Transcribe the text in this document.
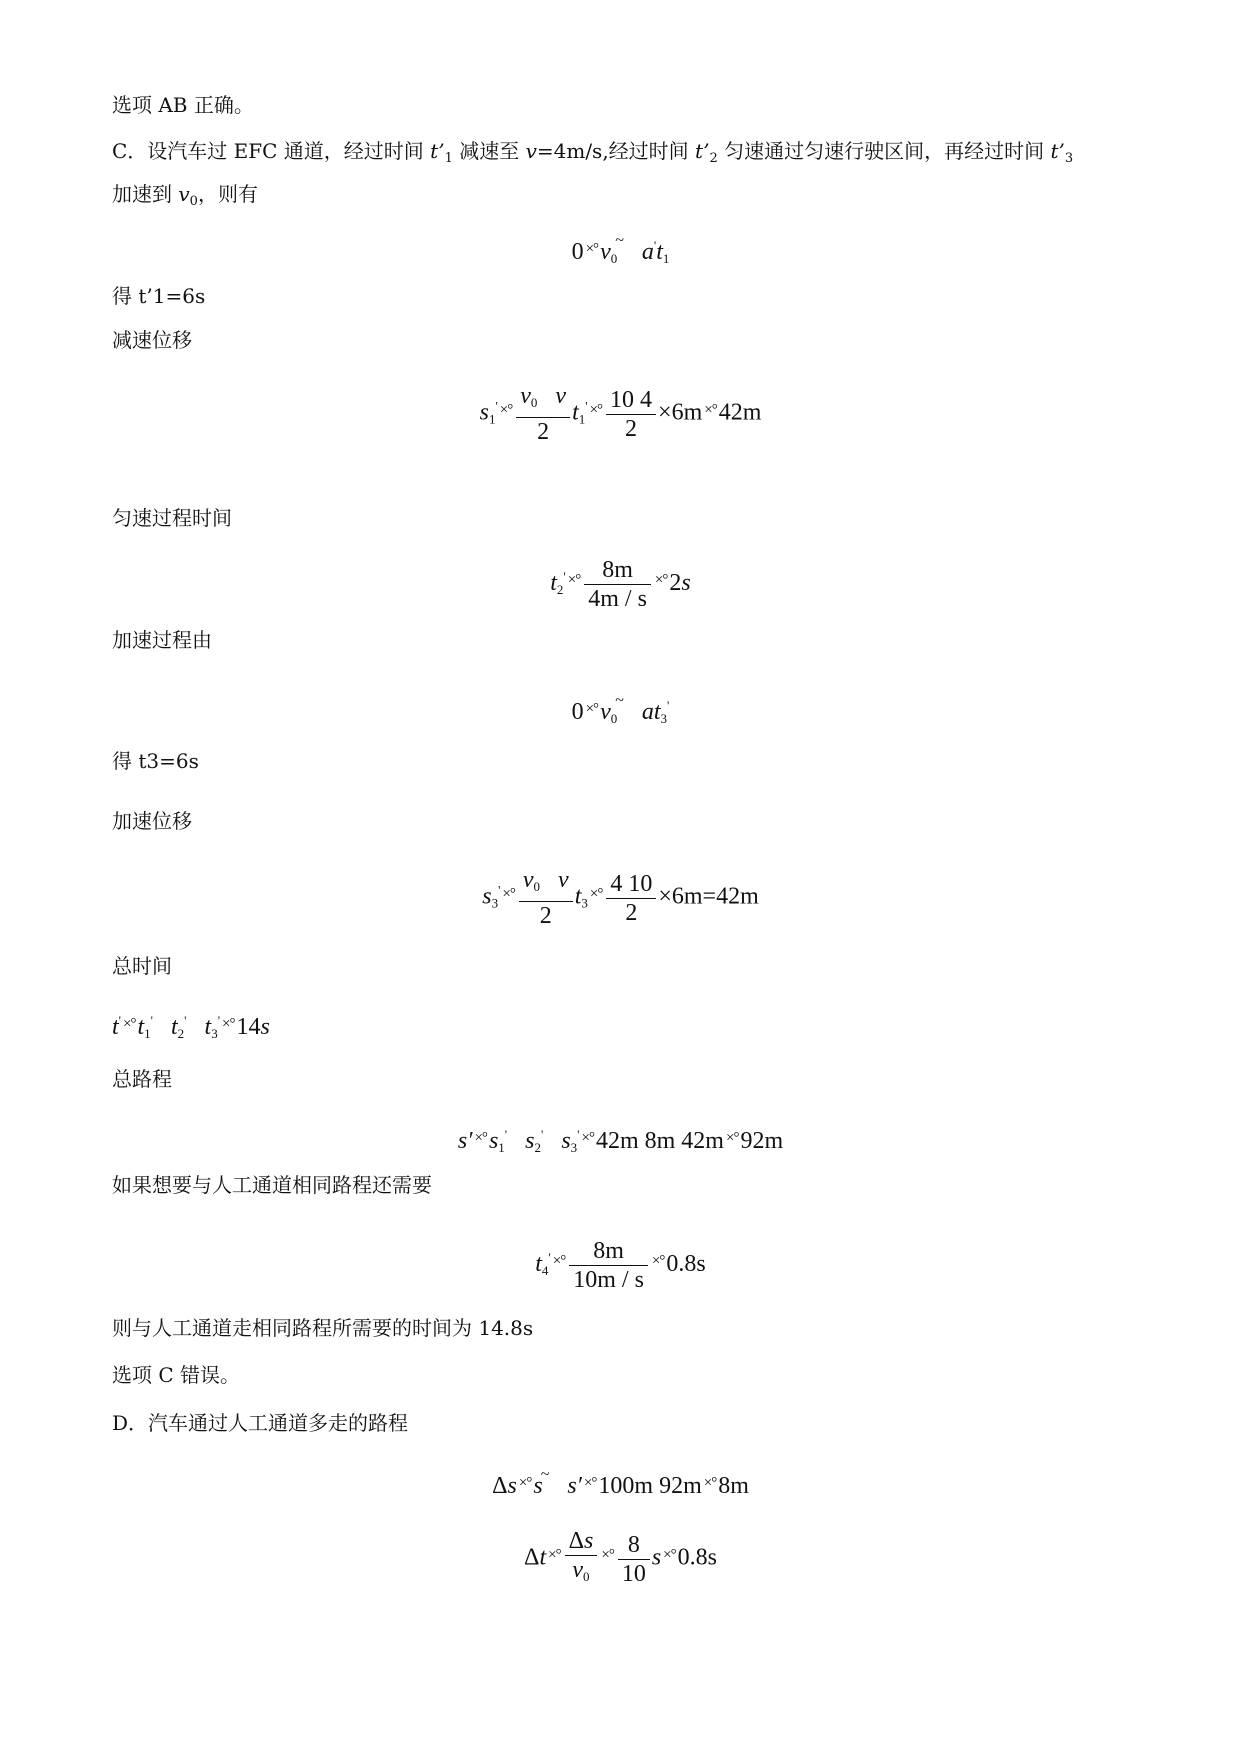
选项 AB 正确。
C．设汽车过 EFC 通道，经过时间 $t’_1$ 减速至 v=4m/s,经过时间 $t’_2$ 匀速通过匀速行驶区间，再经过时间 $t’_3$
加速到 $v_0$，则有
0 $^{\times^\circ}v_0^\sim$ $a't_1$
得 t’1=6s
减速位移
$s_1'$ $^{\times^\circ} \frac{v_0 v}{2} t_1'$ $^{\times^\circ} \frac{10 4}{2} \times 6m$ ×°42m
匀速过程时间
$t_2'$ $^{\times^\circ} \frac{8m}{4m / s} ^{\times^\circ}2s$
加速过程由
0 $^{\times^\circ}v_0^\sim$ $at_3'$
得 t3=6s
加速位移
$s_3'$ $^{\times^\circ} \frac{v_0 v}{2} t_3^{\times^\circ} \frac{4 10}{2} \times 6m=42m$
总时间
t' $^{\times^\circ}t_1'$ $t_2'$ $t_3'$ ×°14s
总路程
s′ $^{\times^\circ}s_1'$ $s_2'$ $s_3'$ ×°42m 8m 42m ×°92m
如果想要与人工通道相同路程还需要
$t_4'$ $^{\times^\circ} \frac{8m}{10m / s} ^{\times^\circ}0.8s$
则与人工通道走相同路程所需要的时间为 14.8s
选项 C 错误。
D．汽车通过人工通道多走的路程
Δs ×°s~ s′ ×°100m 92m ×°8m
Δt $^{\times^\circ} \frac{\Delta s}{v_0} ^{\times^\circ} \frac{8}{10}$ s ×°0.8s
